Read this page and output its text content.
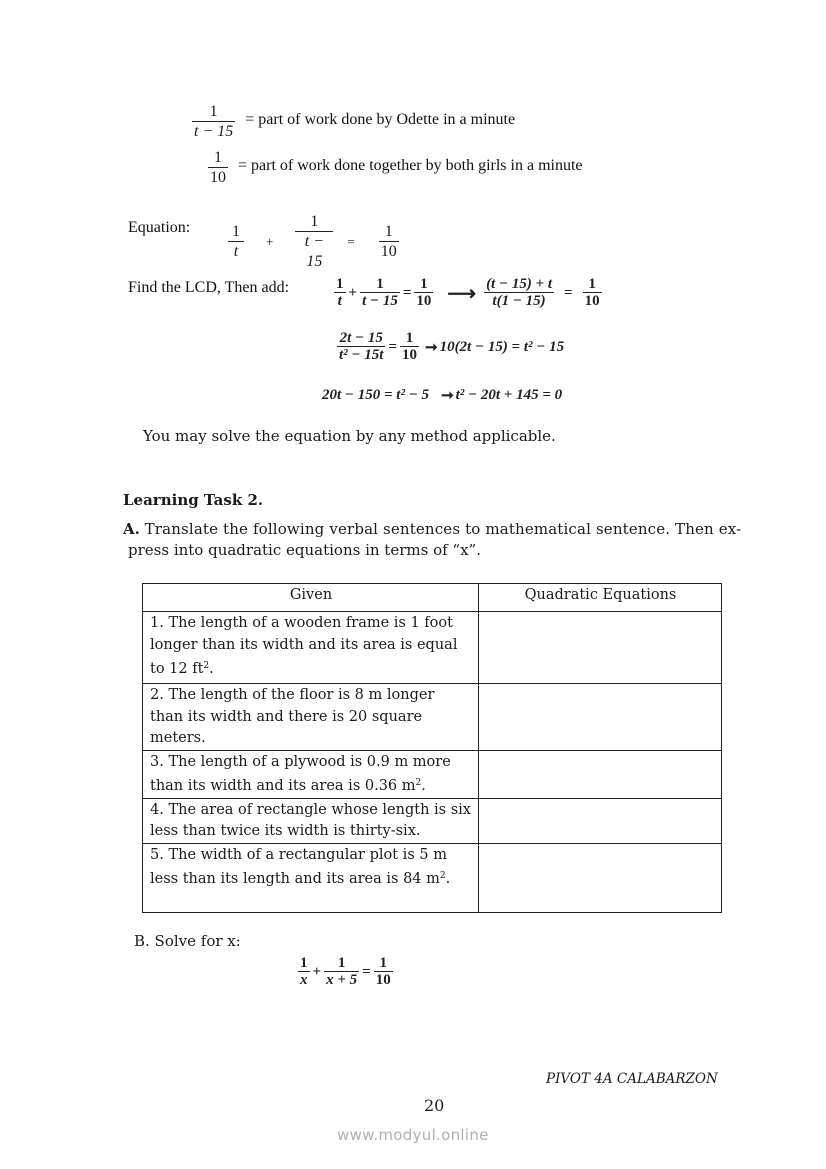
$\frac{1}{t - 15}$ = part of work done by Odette in a minute
$\frac{1}{10}$ = part of work done together by both girls in a minute
Equation: $\frac{1}{t} + \frac{1}{t - 15} = \frac{1}{10}$
Find the LCD, Then add:	$\frac{1}{t} + \frac{1}{t - 15} = \frac{1}{10}$ ⟶ $\frac{(t - 15) + t}{t(1 - 15)} = \frac{1}{10}$
$\frac{2t - 15}{\text{t² − 15t}} = \frac{1}{10}$ ➞ 10(2t − 15) = t² − 15
20t − 150 = t² − 5 ➞ t² − 20t + 145 = 0
You may solve the equation by any method applicable.
Learning Task 2.
A. Translate the following verbal sentences to mathematical sentence. Then ex-
press into quadratic equations in terms of “x”.
Given	Quadratic Equations
1. The length of a wooden frame is 1 foot longer than its width and its area is equal to 12 $ft^2$.	
2. The length of the floor is 8 m longer than its width and there is 20 square meters.	
3. The length of a plywood is 0.9 m more than its width and its area is 0.36 $m^2$.	
4. The area of rectangle whose length is six less than twice its width is thirty-six.	
5. The width of a rectangular plot is 5 m less than its length and its area is 84 $m^2$.	
B. Solve for x:
$\frac{1}{x} + \frac{1}{x + 5} = \frac{1}{10}$
PIVOT 4A CALABARZON
20
www.modyul.online
